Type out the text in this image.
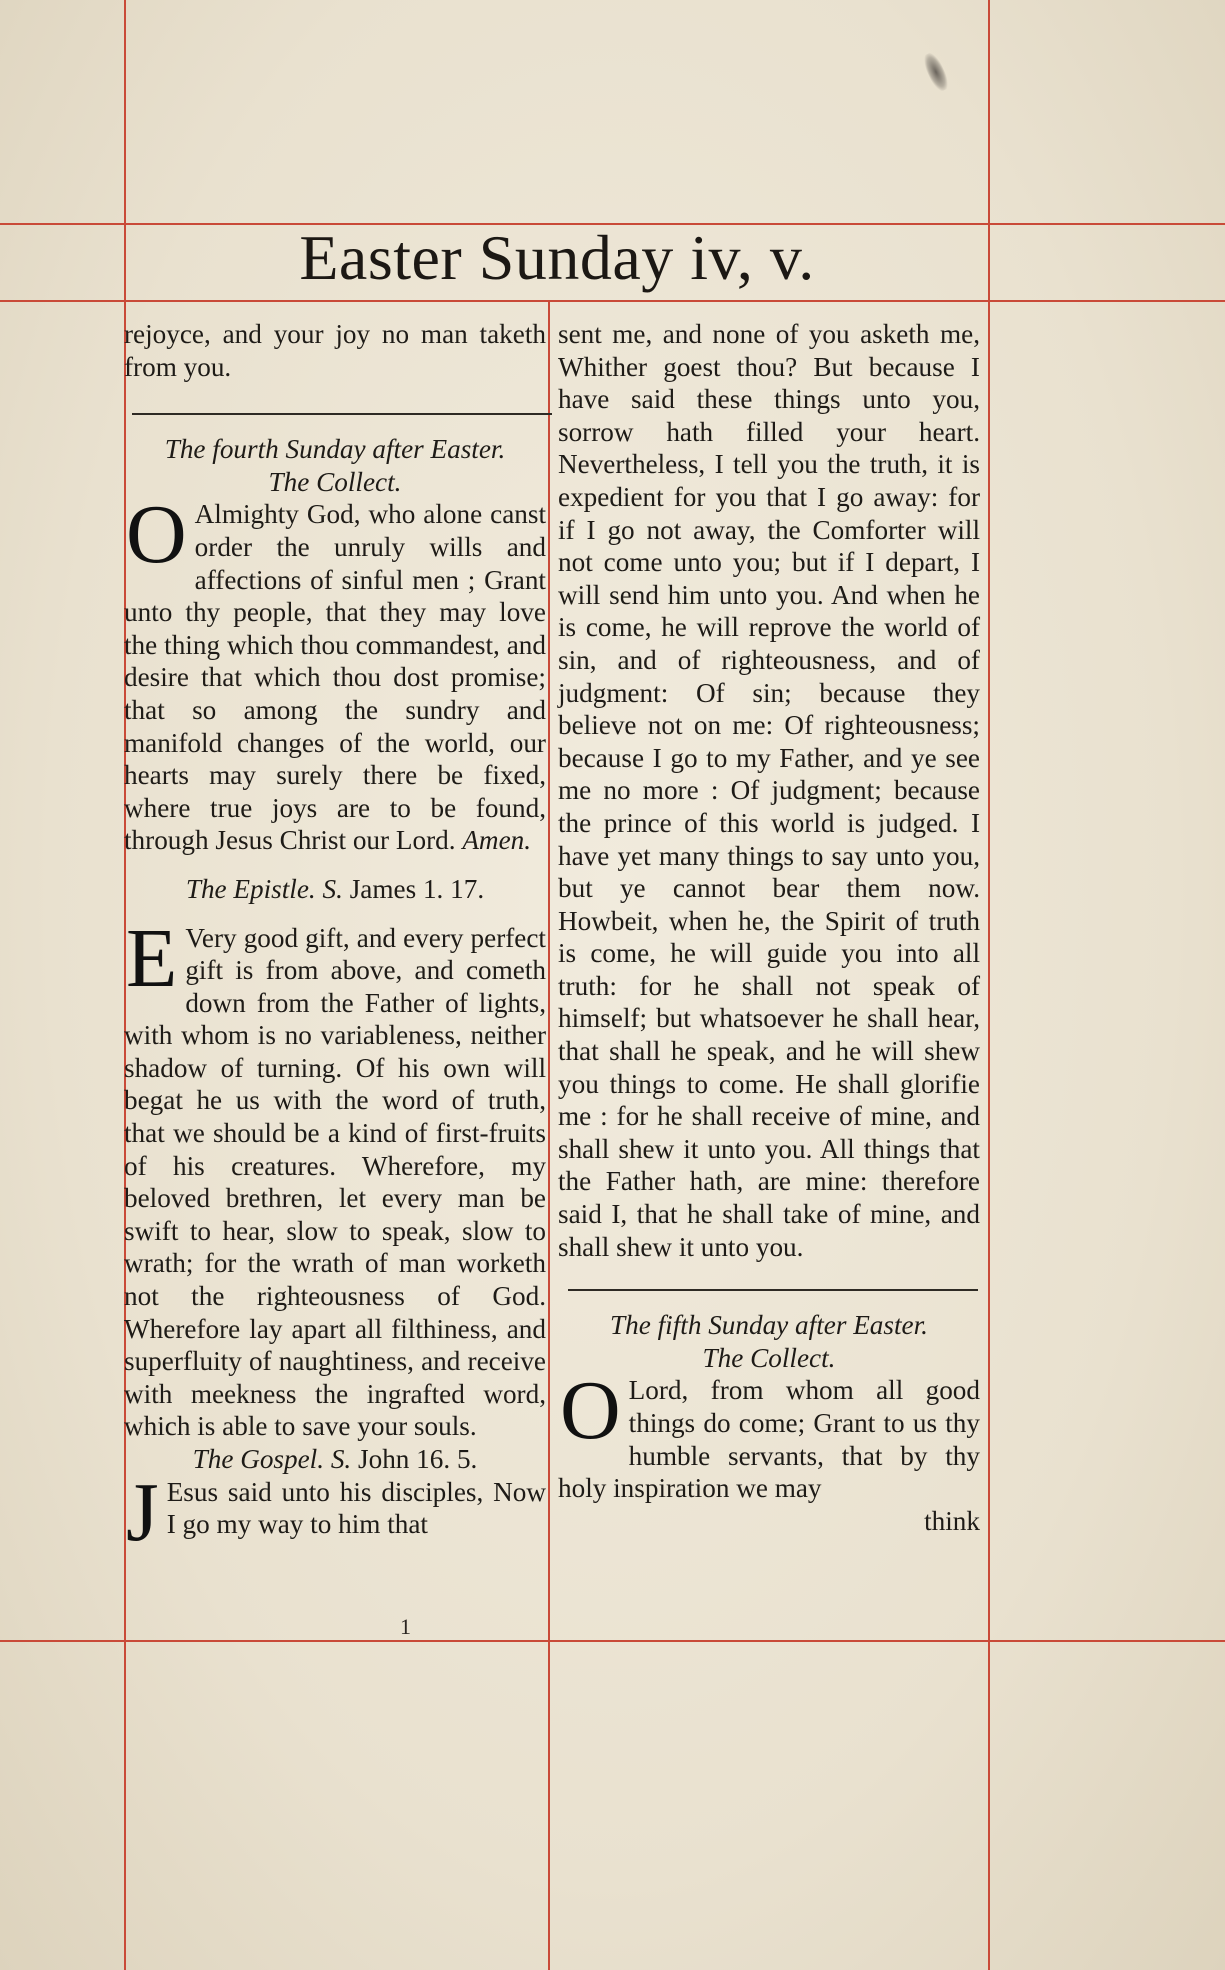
Easter Sunday iv, v.

rejoyce, and your joy no man taketh from you.

The fourth Sunday after Easter.

The Collect.

O Almighty God, who alone canst order the unruly wills and affections of sinful men ; Grant unto thy people, that they may love the thing which thou commandest, and desire that which thou dost promise; that so among the sundry and manifold changes of the world, our hearts may surely there be fixed, where true joys are to be found, through Jesus Christ our Lord. Amen.

The Epistle. S. James 1. 17.

E Very good gift, and every perfect gift is from above, and cometh down from the Father of lights, with whom is no variableness, neither shadow of turning. Of his own will begat he us with the word of truth, that we should be a kind of first-fruits of his creatures. Wherefore, my beloved brethren, let every man be swift to hear, slow to speak, slow to wrath; for the wrath of man worketh not the righteousness of God. Wherefore lay apart all filthiness, and superfluity of naughtiness, and receive with meekness the ingrafted word, which is able to save your souls.

The Gospel. S. John 16. 5.

J Esus said unto his disciples, Now I go my way to him that

sent me, and none of you asketh me, Whither goest thou? But because I have said these things unto you, sorrow hath filled your heart. Nevertheless, I tell you the truth, it is expedient for you that I go away: for if I go not away, the Comforter will not come unto you; but if I depart, I will send him unto you. And when he is come, he will reprove the world of sin, and of righteousness, and of judgment: Of sin; because they believe not on me: Of righteousness; because I go to my Father, and ye see me no more : Of judgment; because the prince of this world is judged. I have yet many things to say unto you, but ye cannot bear them now. Howbeit, when he, the Spirit of truth is come, he will guide you into all truth: for he shall not speak of himself; but whatsoever he shall hear, that shall he speak, and he will shew you things to come. He shall glorifie me : for he shall receive of mine, and shall shew it unto you. All things that the Father hath, are mine: therefore said I, that he shall take of mine, and shall shew it unto you.

The fifth Sunday after Easter.

The Collect.

O Lord, from whom all good things do come; Grant to us thy humble servants, that by thy holy inspiration we may

think

1
